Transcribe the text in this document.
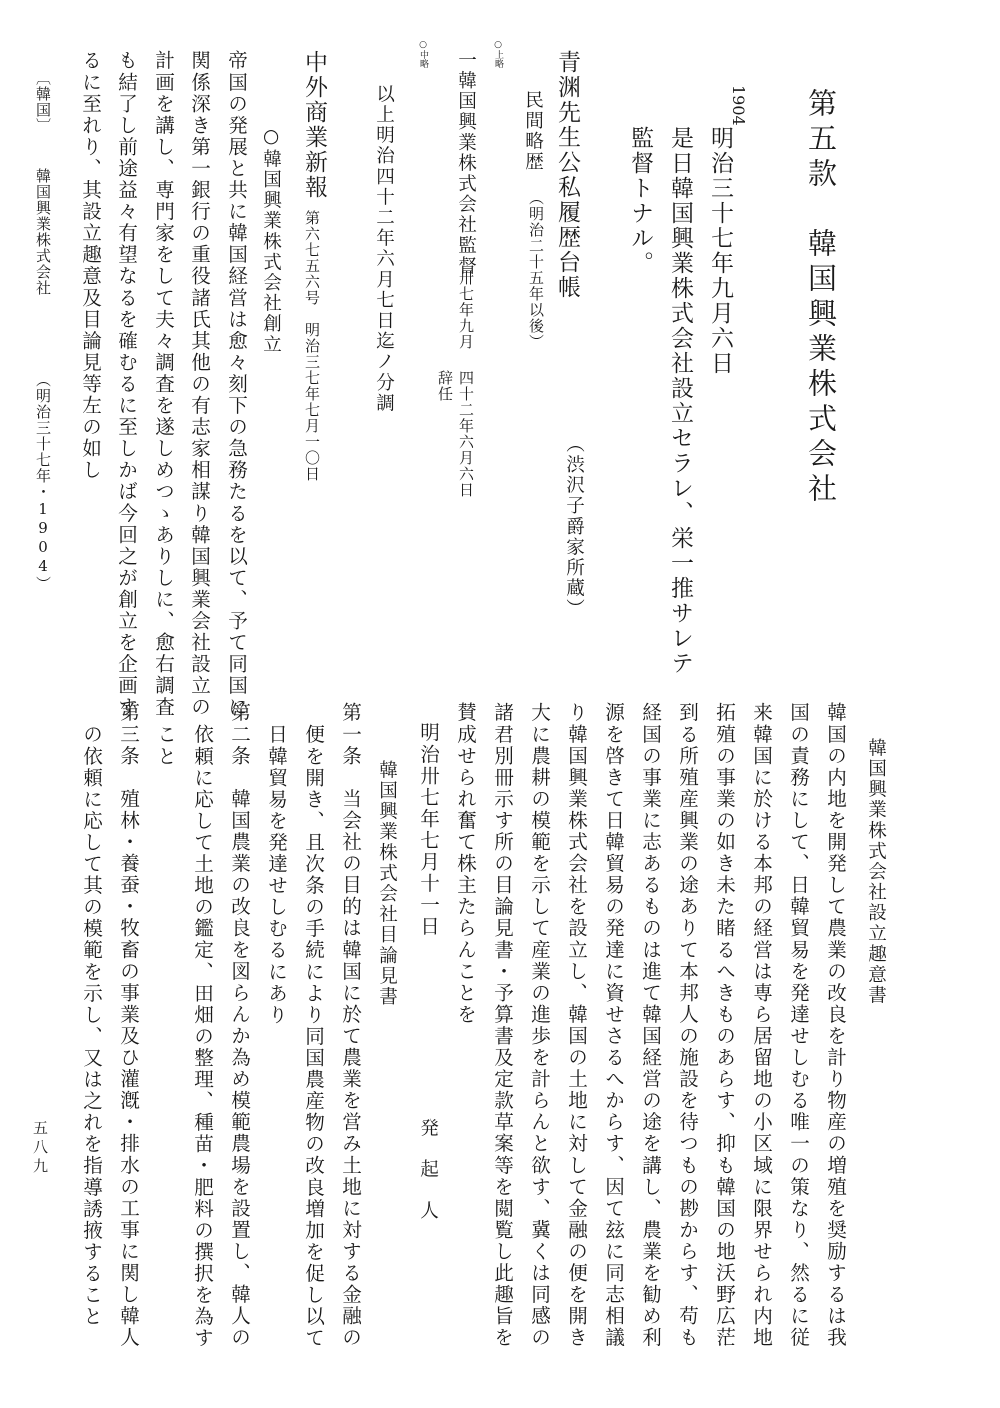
第五款　韓国興業株式会社
1904
明治三十七年九月六日
是日韓国興業株式会社設立セラレ、栄一推サレテ
監督トナル。
青渊先生公私履歴台帳
（渋沢子爵家所蔵）
民間略歴
（明治二十五年以後）
○上略
一韓国興業株式会社監督
卅七年九月
四十二年六月六日
辞任
○中略
以上明治四十二年六月七日迄ノ分調
中外商業新報
第六七五六号　明治三七年七月一〇日
○韓国興業株式会社創立
帝国の発展と共に韓国経営は愈々刻下の急務たるを以て、予て同国に
関係深き第一銀行の重役諸氏其他の有志家相謀り韓国興業会社設立の
計画を講し、専門家をして夫々調査を遂しめつゝありしに、愈右調査
も結了し前途益々有望なるを確むるに至しかば今回之が創立を企画す
るに至れり、其設立趣意及目論見等左の如し
〔韓国〕
韓国興業株式会社
（明治三十七年・1904）
韓国興業株式会社設立趣意書
韓国の内地を開発して農業の改良を計り物産の増殖を奨励するは我
国の責務にして、日韓貿易を発達せしむる唯一の策なり、然るに従
来韓国に於ける本邦の経営は専ら居留地の小区域に限界せられ内地
拓殖の事業の如き未た睹るへきものあらす、抑も韓国の地沃野広茫
到る所殖産興業の途ありて本邦人の施設を待つもの尠からす、苟も
経国の事業に志あるものは進て韓国経営の途を講し、農業を勧め利
源を啓きて日韓貿易の発達に資せさるへからす、因て玆に同志相議
り韓国興業株式会社を設立し、韓国の土地に対して金融の便を開き
大に農耕の模範を示して産業の進歩を計らんと欲す、冀くは同感の
諸君別冊示す所の目論見書・予算書及定款草案等を閲覧し此趣旨を
賛成せられ奮て株主たらんことを
明治卅七年七月十一日
発　起　人
韓国興業株式会社目論見書
第一条　当会社の目的は韓国に於て農業を営み土地に対する金融の
便を開き、且次条の手続により同国農産物の改良増加を促し以て
日韓貿易を発達せしむるにあり
第二条　韓国農業の改良を図らんか為め模範農場を設置し、韓人の
依頼に応して土地の鑑定、田畑の整理、種苗・肥料の撰択を為す
こと
第三条　殖林・養蚕・牧畜の事業及ひ灌漑・排水の工事に関し韓人
の依頼に応して其の模範を示し、又は之れを指導誘掖すること
五八九
